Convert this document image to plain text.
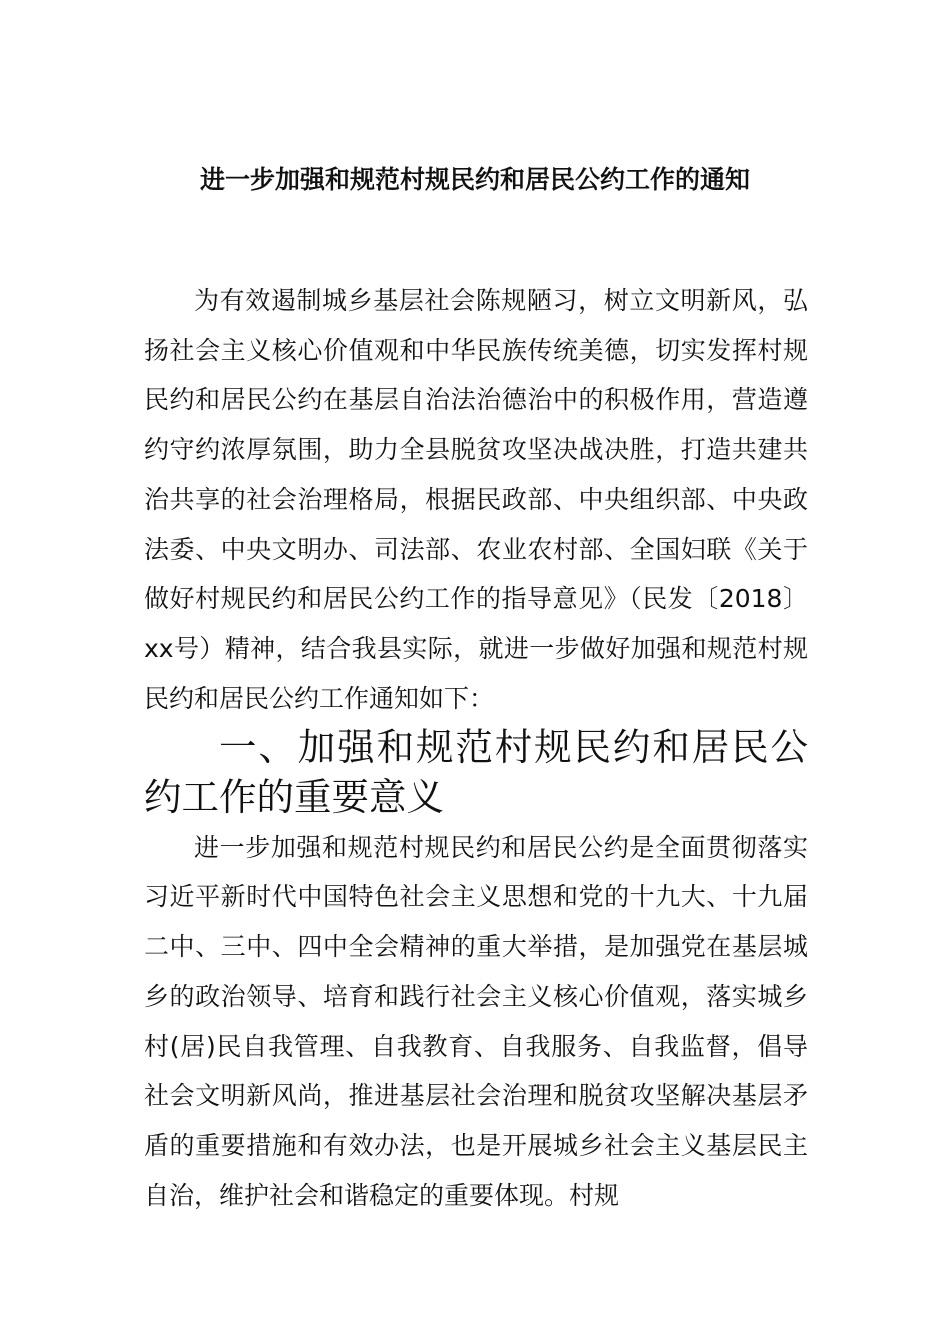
进一步加强和规范村规民约和居民公约工作的通知

为有效遏制城乡基层社会陈规陋习，树立文明新风，弘扬社会主义核心价值观和中华民族传统美德，切实发挥村规民约和居民公约在基层自治法治德治中的积极作用，营造遵约守约浓厚氛围，助力全县脱贫攻坚决战决胜，打造共建共治共享的社会治理格局，根据民政部、中央组织部、中央政法委、中央文明办、司法部、农业农村部、全国妇联《关于做好村规民约和居民公约工作的指导意见》（民发〔2018〕xx号）精神，结合我县实际，就进一步做好加强和规范村规民约和居民公约工作通知如下：

一、加强和规范村规民约和居民公约工作的重要意义

进一步加强和规范村规民约和居民公约是全面贯彻落实习近平新时代中国特色社会主义思想和党的十九大、十九届二中、三中、四中全会精神的重大举措，是加强党在基层城乡的政治领导、培育和践行社会主义核心价值观，落实城乡村(居)民自我管理、自我教育、自我服务、自我监督，倡导社会文明新风尚，推进基层社会治理和脱贫攻坚解决基层矛盾的重要措施和有效办法，也是开展城乡社会主义基层民主自治，维护社会和谐稳定的重要体现。村规
